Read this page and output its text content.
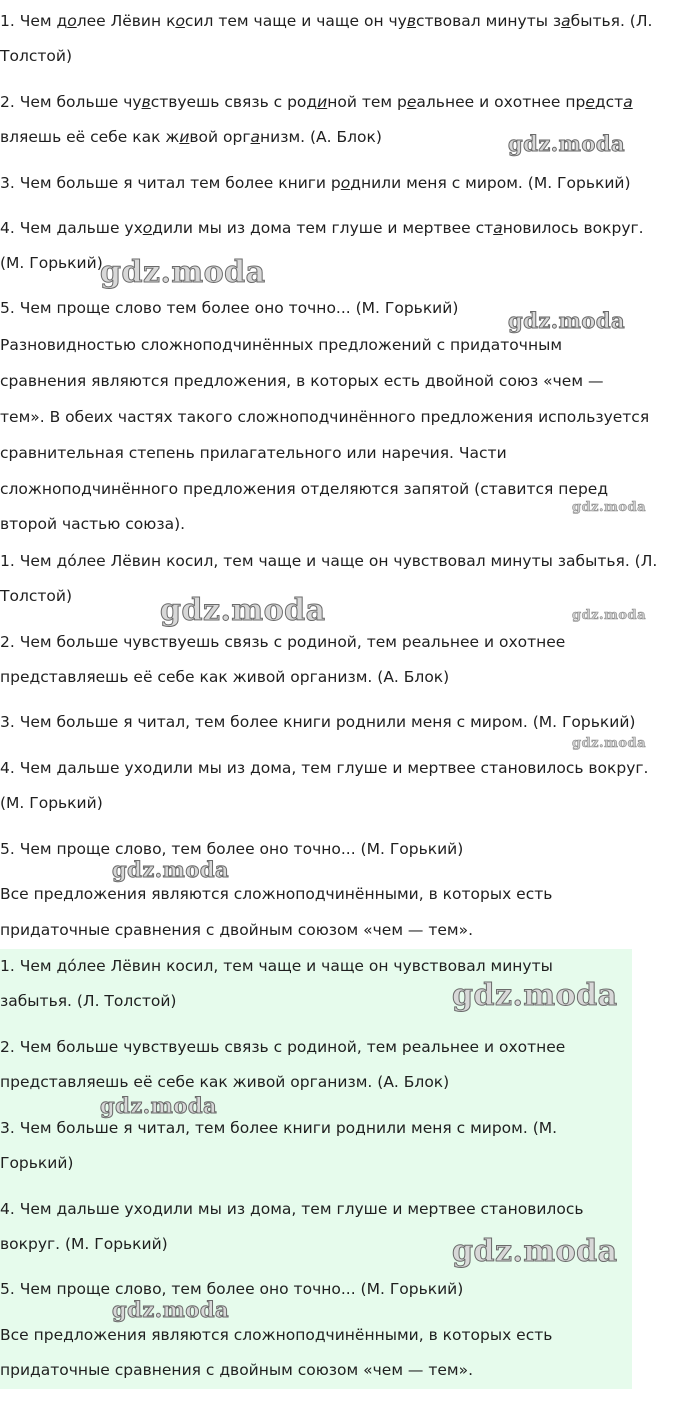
1. Чем долее Лёвин косил тем чаще и чаще он чувствовал минуты забытья. (Л.

Толстой)

2. Чем больше чувствуешь связь с родиной тем реальнее и охотнее предста

вляешь её себе как живой организм. (А. Блок)

3. Чем больше я читал тем более книги роднили меня с миром. (М. Горький)

4. Чем дальше уходили мы из дома тем глуше и мертвее становилось вокруг.

(М. Горький)

5. Чем проще слово тем более оно точно... (М. Горький)

Разновидностью сложноподчинённых предложений с придаточным

сравнения являются предложения, в которых есть двойной союз «чем —

тем». В обеих частях такого сложноподчинённого предложения используется

сравнительная степень прилагательного или наречия. Части

сложноподчинённого предложения отделяются запятой (ставится перед

второй частью союза).

1. Чем до́лее Лёвин косил, тем чаще и чаще он чувствовал минуты забытья. (Л.

Толстой)

2. Чем больше чувствуешь связь с родиной, тем реальнее и охотнее

представляешь её себе как живой организм. (А. Блок)

3. Чем больше я читал, тем более книги роднили меня с миром. (М. Горький)

4. Чем дальше уходили мы из дома, тем глуше и мертвее становилось вокруг.

(М. Горький)

5. Чем проще слово, тем более оно точно... (М. Горький)

Все предложения являются сложноподчинёнными, в которых есть

придаточные сравнения с двойным союзом «чем — тем».

1. Чем до́лее Лёвин косил, тем чаще и чаще он чувствовал минуты

забытья. (Л. Толстой)

2. Чем больше чувствуешь связь с родиной, тем реальнее и охотнее

представляешь её себе как живой организм. (А. Блок)

3. Чем больше я читал, тем более книги роднили меня с миром. (М.

Горький)

4. Чем дальше уходили мы из дома, тем глуше и мертвее становилось

вокруг. (М. Горький)

5. Чем проще слово, тем более оно точно... (М. Горький)

Все предложения являются сложноподчинёнными, в которых есть

придаточные сравнения с двойным союзом «чем — тем».

gdz.moda
gdz.moda
gdz.moda
gdz.moda
gdz.moda	gdz.moda
gdz.moda
gdz.moda
gdz.moda
gdz.moda
gdz.moda
gdz.moda
